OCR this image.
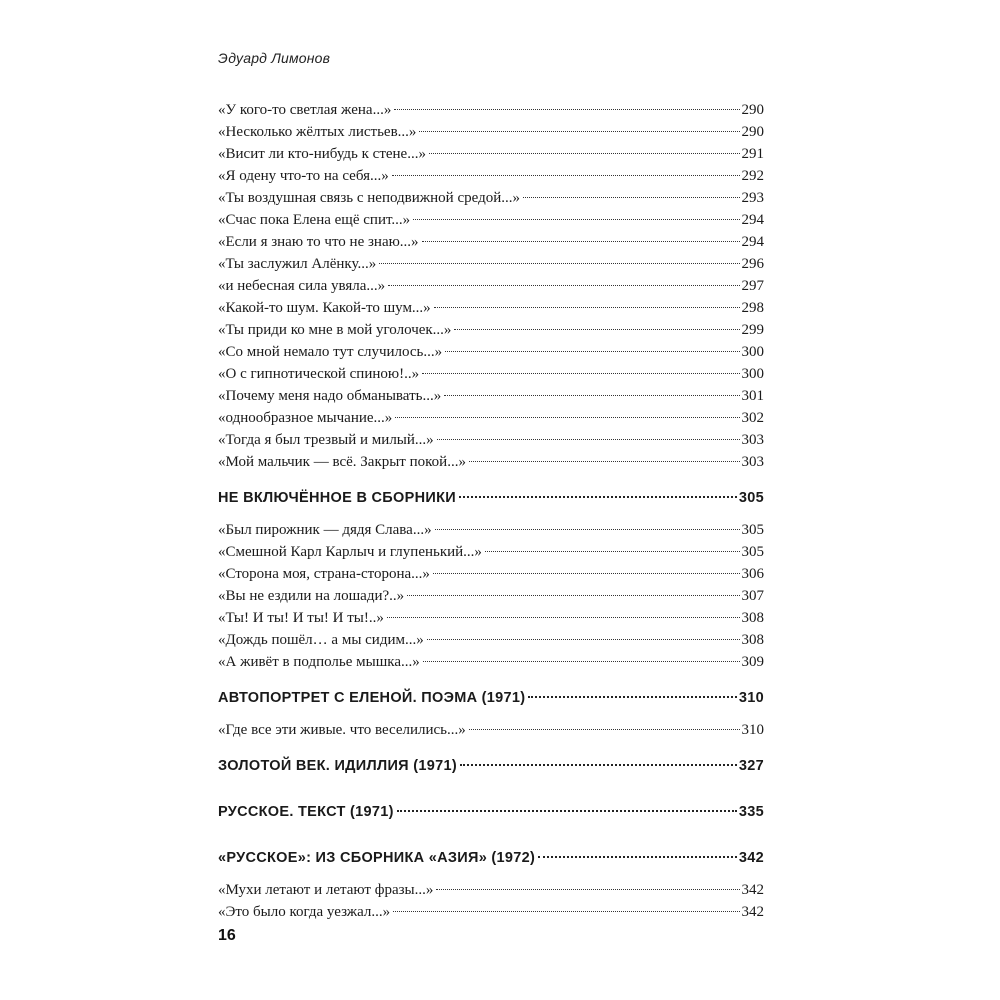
Эдуард Лимонов
«У кого-то светлая жена...»	290
«Несколько жёлтых листьев...»	290
«Висит ли кто-нибудь к стене...»	291
«Я одену что-то на себя...»	292
«Ты воздушная связь с неподвижной средой...»	293
«Счас пока Елена ещё спит...»	294
«Если я знаю то что не знаю...»	294
«Ты заслужил Алёнку...»	296
«и небесная сила увяла...»	297
«Какой-то шум. Какой-то шум...»	298
«Ты приди ко мне в мой уголочек...»	299
«Со мной немало тут случилось...»	300
«О с гипнотической спиною!..»	300
«Почему меня надо обманывать...»	301
«однообразное мычание...»	302
«Тогда я был трезвый и милый...»	303
«Мой мальчик — всё. Закрыт покой...»	303
НЕ ВКЛЮЧЁННОЕ В СБОРНИКИ	305
«Был пирожник — дядя Слава...»	305
«Смешной Карл Карлыч и глупенький...»	305
«Сторона моя, страна-сторона...»	306
«Вы не ездили на лошади?..»	307
«Ты! И ты! И ты! И ты!..»	308
«Дождь пошёл… а мы сидим...»	308
«А живёт в подполье мышка...»	309
АВТОПОРТРЕТ С ЕЛЕНОЙ. ПОЭМА (1971)	310
«Где все эти живые. что веселились...»	310
ЗОЛОТОЙ ВЕК. ИДИЛЛИЯ (1971)	327
РУССКОЕ. ТЕКСТ (1971)	335
«РУССКОЕ»: ИЗ СБОРНИКА «АЗИЯ» (1972)	342
«Мухи летают и летают фразы...»	342
«Это было когда уезжал...»	342
16
